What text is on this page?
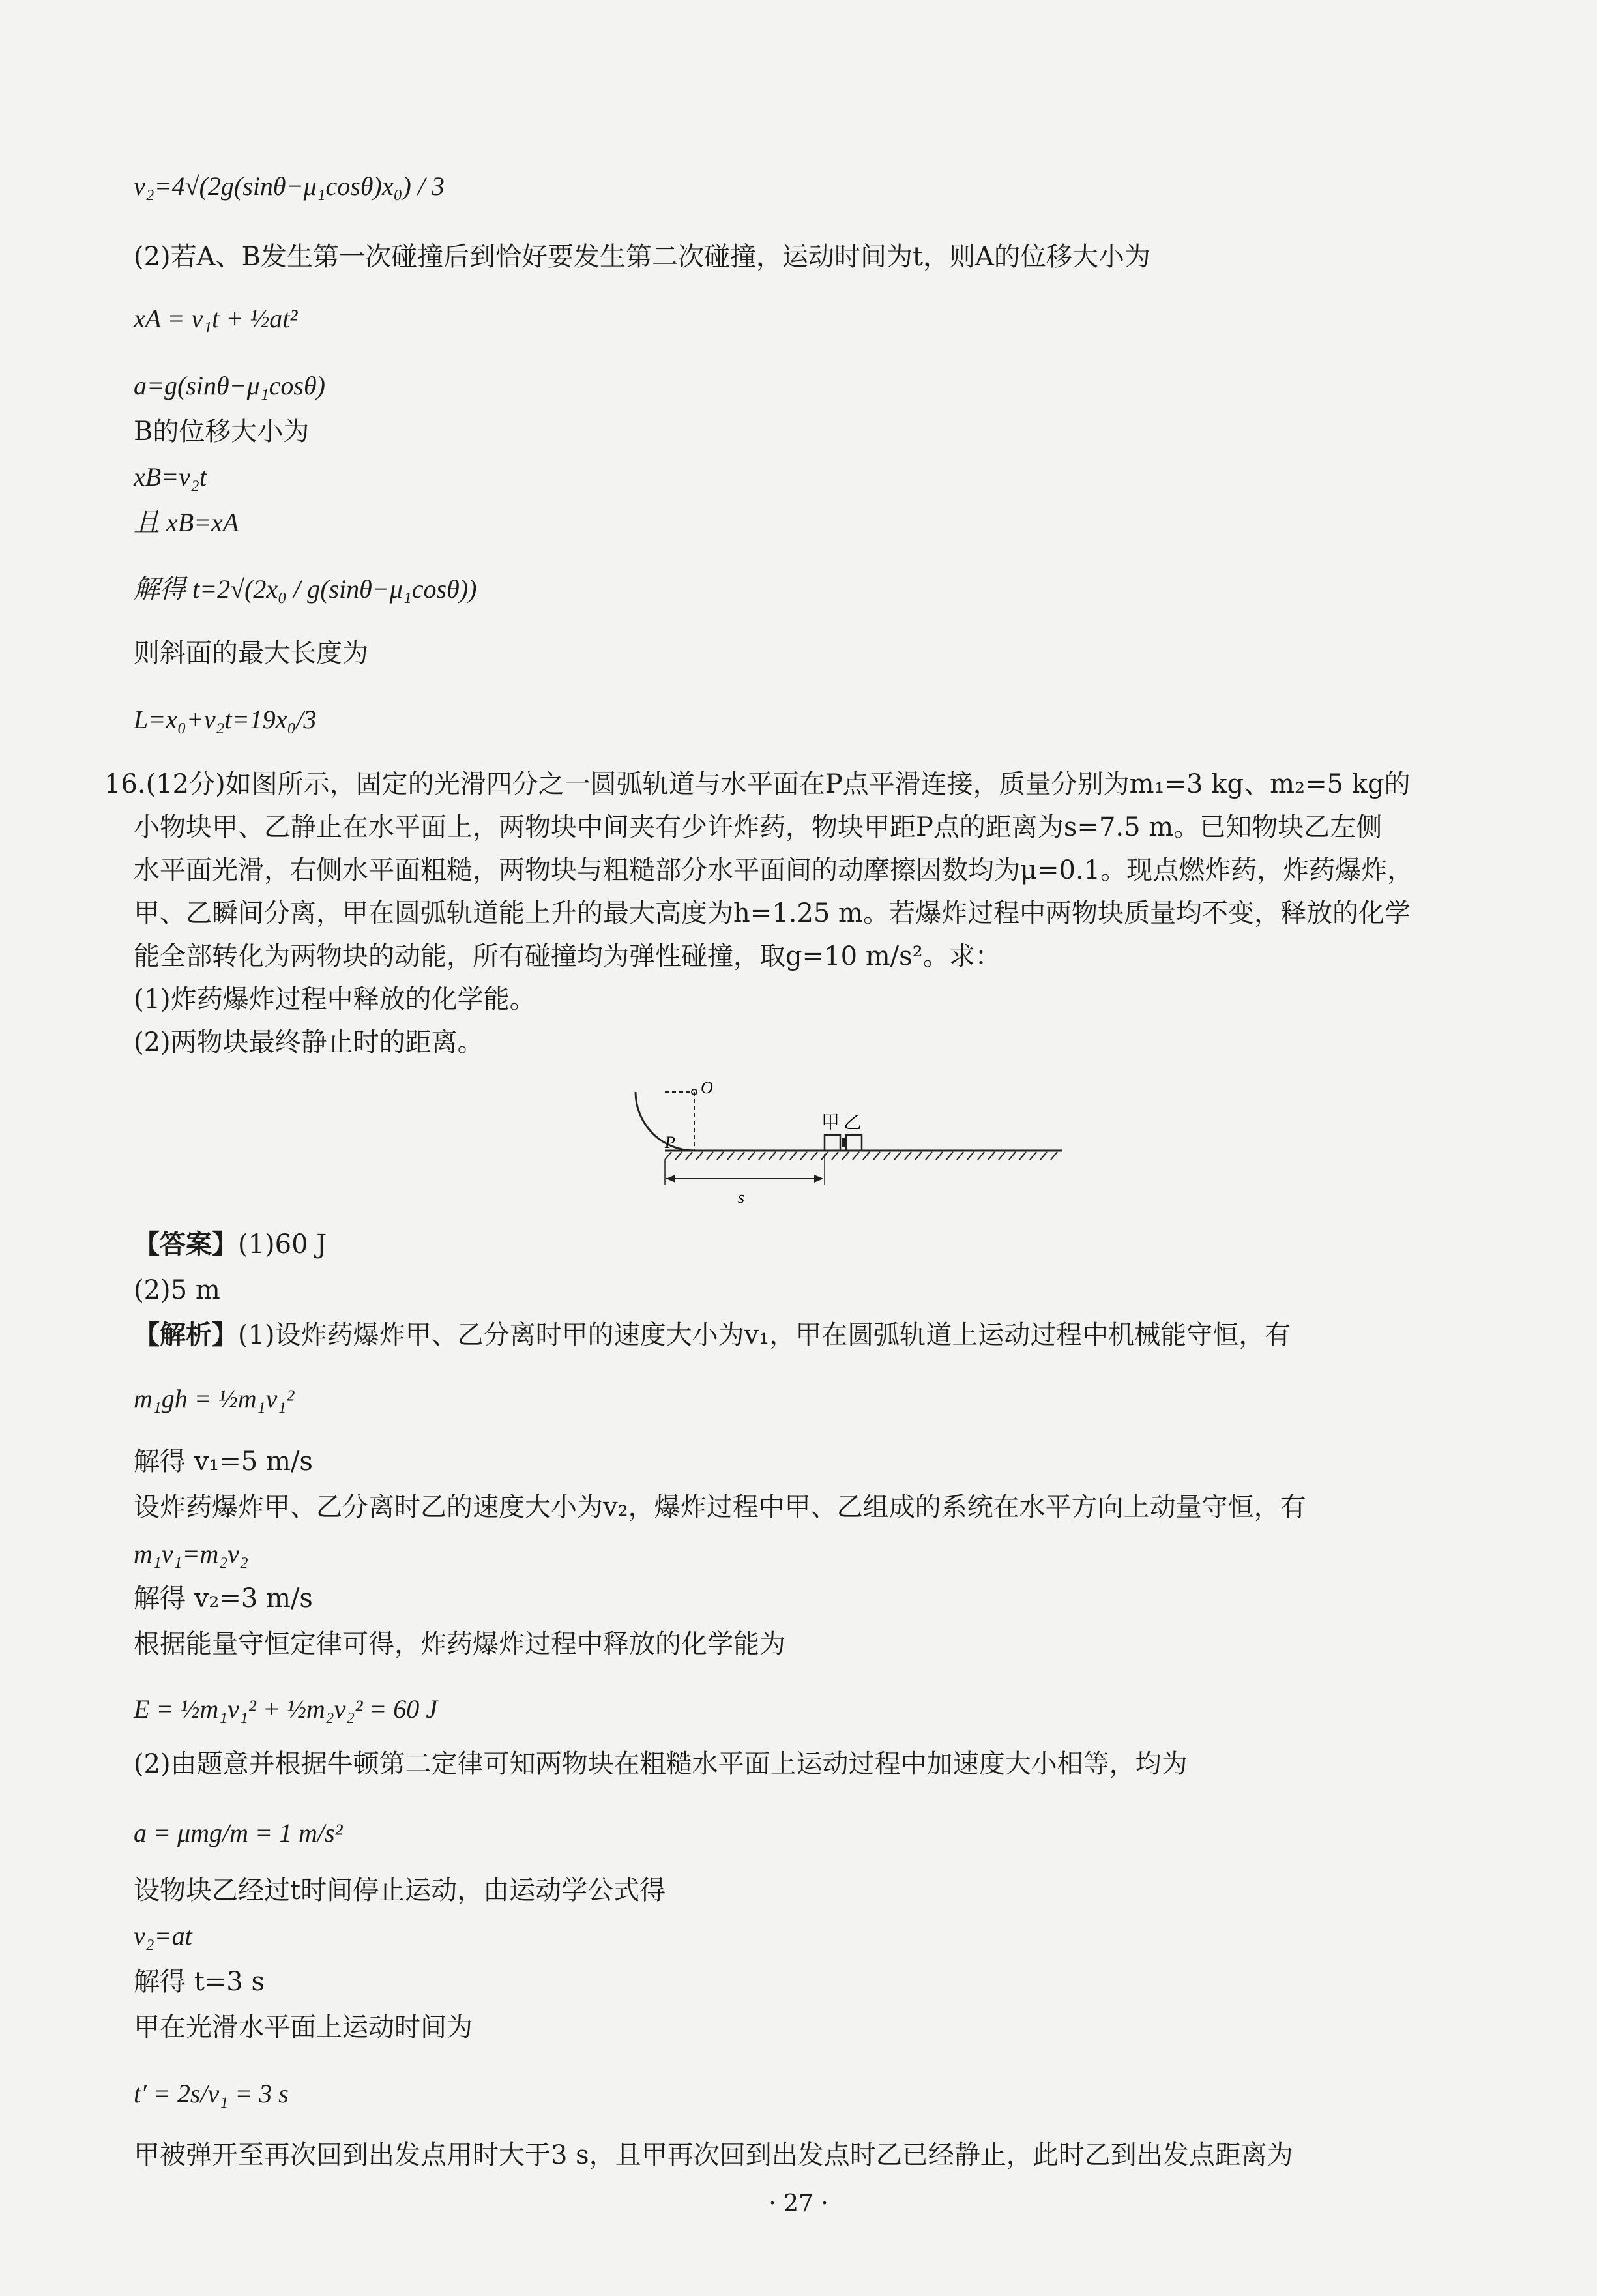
v₂=4√(2g(sinθ−μ₁cosθ)x₀) / 3
(2)若A、B发生第一次碰撞后到恰好要发生第二次碰撞，运动时间为t，则A的位移大小为
xA = v₁t + ½at²
a=g(sinθ−μ₁cosθ)
B的位移大小为
xB=v₂t
且 xB=xA
解得 t=2√(2x₀ / g(sinθ−μ₁cosθ))
则斜面的最大长度为
L=x₀+v₂t=19x₀/3
16.(12分)如图所示，固定的光滑四分之一圆弧轨道与水平面在P点平滑连接，质量分别为m₁=3 kg、m₂=5 kg的
小物块甲、乙静止在水平面上，两物块中间夹有少许炸药，物块甲距P点的距离为s=7.5 m。已知物块乙左侧
水平面光滑，右侧水平面粗糙，两物块与粗糙部分水平面间的动摩擦因数均为μ=0.1。现点燃炸药，炸药爆炸，
甲、乙瞬间分离，甲在圆弧轨道能上升的最大高度为h=1.25 m。若爆炸过程中两物块质量均不变，释放的化学
能全部转化为两物块的动能，所有碰撞均为弹性碰撞，取g=10 m/s²。求：
(1)炸药爆炸过程中释放的化学能。
(2)两物块最终静止时的距离。
O
P
甲 乙
s
【答案】(1)60 J
(2)5 m
【解析】(1)设炸药爆炸甲、乙分离时甲的速度大小为v₁，甲在圆弧轨道上运动过程中机械能守恒，有
m₁gh = ½m₁v₁²
解得 v₁=5 m/s
设炸药爆炸甲、乙分离时乙的速度大小为v₂，爆炸过程中甲、乙组成的系统在水平方向上动量守恒，有
m₁v₁=m₂v₂
解得 v₂=3 m/s
根据能量守恒定律可得，炸药爆炸过程中释放的化学能为
E = ½m₁v₁² + ½m₂v₂² = 60 J
(2)由题意并根据牛顿第二定律可知两物块在粗糙水平面上运动过程中加速度大小相等，均为
a = μmg/m = 1 m/s²
设物块乙经过t时间停止运动，由运动学公式得
v₂=at
解得 t=3 s
甲在光滑水平面上运动时间为
t′ = 2s/v₁ = 3 s
甲被弹开至再次回到出发点用时大于3 s，且甲再次回到出发点时乙已经静止，此时乙到出发点距离为
· 27 ·
